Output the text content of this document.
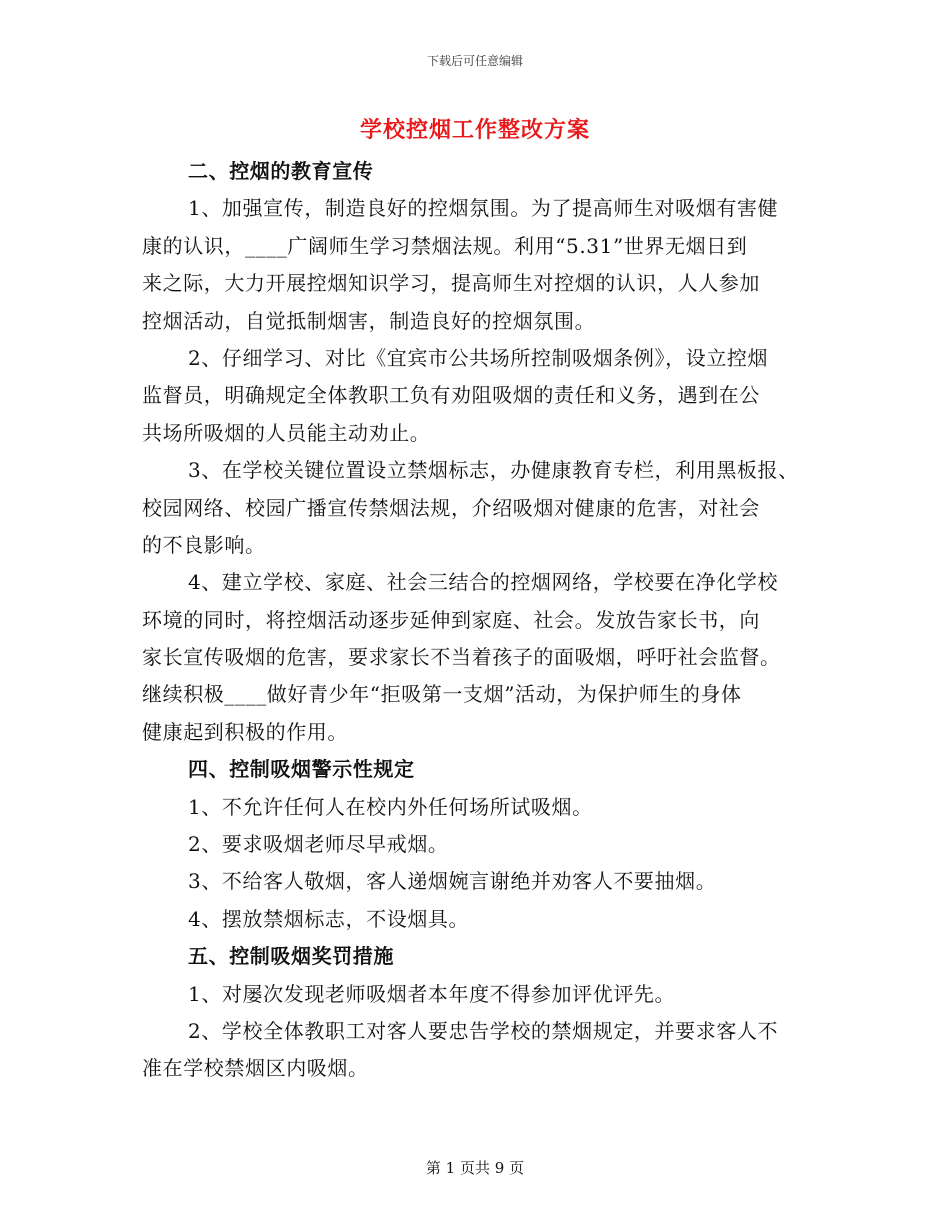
下载后可任意编辑
学校控烟工作整改方案
二、控烟的教育宣传
1、加强宣传，制造良好的控烟氛围。为了提高师生对吸烟有害健
康的认识，____广阔师生学习禁烟法规。利用“5.31”世界无烟日到
来之际，大力开展控烟知识学习，提高师生对控烟的认识，人人参加
控烟活动，自觉抵制烟害，制造良好的控烟氛围。
2、仔细学习、对比《宜宾市公共场所控制吸烟条例》，设立控烟
监督员，明确规定全体教职工负有劝阻吸烟的责任和义务，遇到在公
共场所吸烟的人员能主动劝止。
3、在学校关键位置设立禁烟标志，办健康教育专栏，利用黑板报、
校园网络、校园广播宣传禁烟法规，介绍吸烟对健康的危害，对社会
的不良影响。
4、建立学校、家庭、社会三结合的控烟网络，学校要在净化学校
环境的同时，将控烟活动逐步延伸到家庭、社会。发放告家长书，向
家长宣传吸烟的危害，要求家长不当着孩子的面吸烟，呼吁社会监督。
继续积极____做好青少年“拒吸第一支烟”活动，为保护师生的身体
健康起到积极的作用。
四、控制吸烟警示性规定
1、不允许任何人在校内外任何场所试吸烟。
2、要求吸烟老师尽早戒烟。
3、不给客人敬烟，客人递烟婉言谢绝并劝客人不要抽烟。
4、摆放禁烟标志，不设烟具。
五、控制吸烟奖罚措施
1、对屡次发现老师吸烟者本年度不得参加评优评先。
2、学校全体教职工对客人要忠告学校的禁烟规定，并要求客人不
准在学校禁烟区内吸烟。
第 1 页共 9 页
